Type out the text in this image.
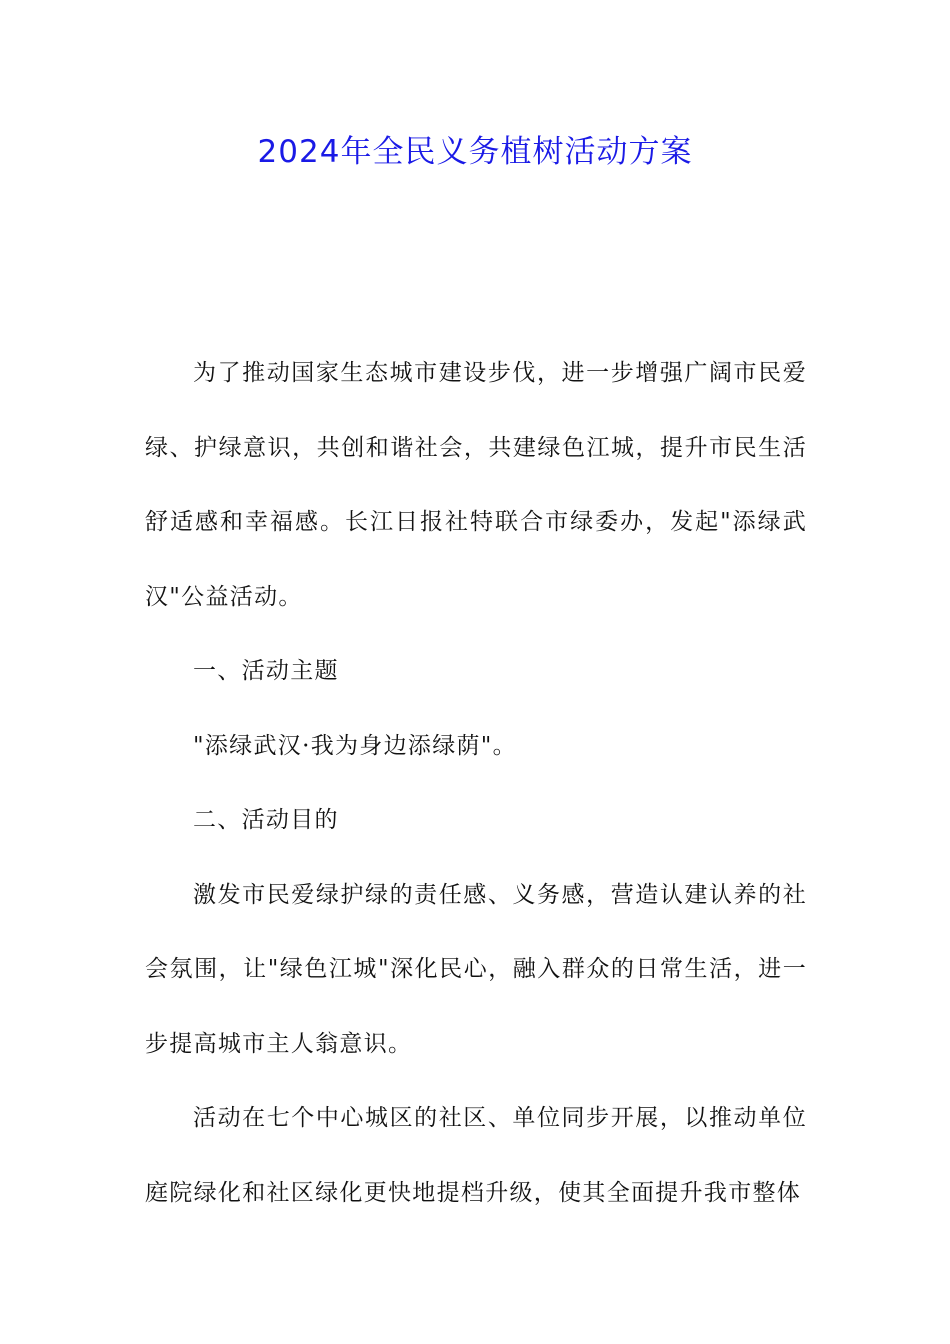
2024年全民义务植树活动方案

为了推动国家生态城市建设步伐，进一步增强广阔市民爱绿、护绿意识，共创和谐社会，共建绿色江城，提升市民生活舒适感和幸福感。长江日报社特联合市绿委办，发起"添绿武汉"公益活动。

一、活动主题

"添绿武汉·我为身边添绿荫"。

二、活动目的

激发市民爱绿护绿的责任感、义务感，营造认建认养的社会氛围，让"绿色江城"深化民心，融入群众的日常生活，进一步提高城市主人翁意识。

活动在七个中心城区的社区、单位同步开展，以推动单位庭院绿化和社区绿化更快地提档升级，使其全面提升我市整体
